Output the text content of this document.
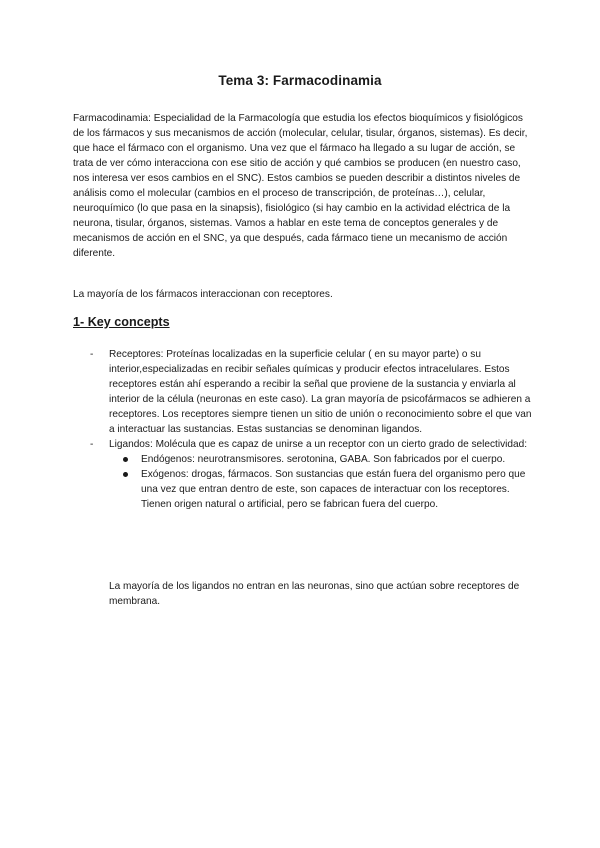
Tema 3: Farmacodinamia

Farmacodinamia: Especialidad de la Farmacología que estudia los efectos bioquímicos y fisiológicos de los fármacos y sus mecanismos de acción (molecular, celular, tisular, órganos, sistemas). Es decir, que hace el fármaco con el organismo. Una vez que el fármaco ha llegado a su lugar de acción, se trata de ver cómo interacciona con ese sitio de acción y qué cambios se producen (en nuestro caso, nos interesa ver esos cambios en el SNC). Estos cambios se pueden describir a distintos niveles de análisis como el molecular (cambios en el proceso de transcripción, de proteínas…), celular, neuroquímico (lo que pasa en la sinapsis), fisiológico (si hay cambio en la actividad eléctrica de la neurona, tisular, órganos, sistemas. Vamos a hablar en este tema de conceptos generales y de mecanismos de acción en el SNC, ya que después, cada fármaco tiene un mecanismo de acción diferente.

La mayoría de los fármacos interaccionan con receptores.

1- Key concepts
- Receptores: Proteínas localizadas en la superficie celular ( en su mayor parte) o su interior,especializadas en recibir señales químicas y producir efectos intracelulares. Estos receptores están ahí esperando a recibir la señal que proviene de la sustancia y enviarla al interior de la célula (neuronas en este caso). La gran mayoría de psicofármacos se adhieren a receptores. Los receptores siempre tienen un sitio de unión o reconocimiento sobre el que van a interactuar las sustancias. Estas sustancias se denominan ligandos.
- Ligandos: Molécula que es capaz de unirse a un receptor con un cierto grado de selectividad:
Endógenos: neurotransmisores. serotonina, GABA. Son fabricados por el cuerpo.
Exógenos: drogas, fármacos. Son sustancias que están fuera del organismo pero que una vez que entran dentro de este, son capaces de interactuar con los receptores. Tienen origen natural o artificial, pero se fabrican fuera del cuerpo.

La mayoría de los ligandos no entran en las neuronas, sino que actúan sobre receptores de membrana.
